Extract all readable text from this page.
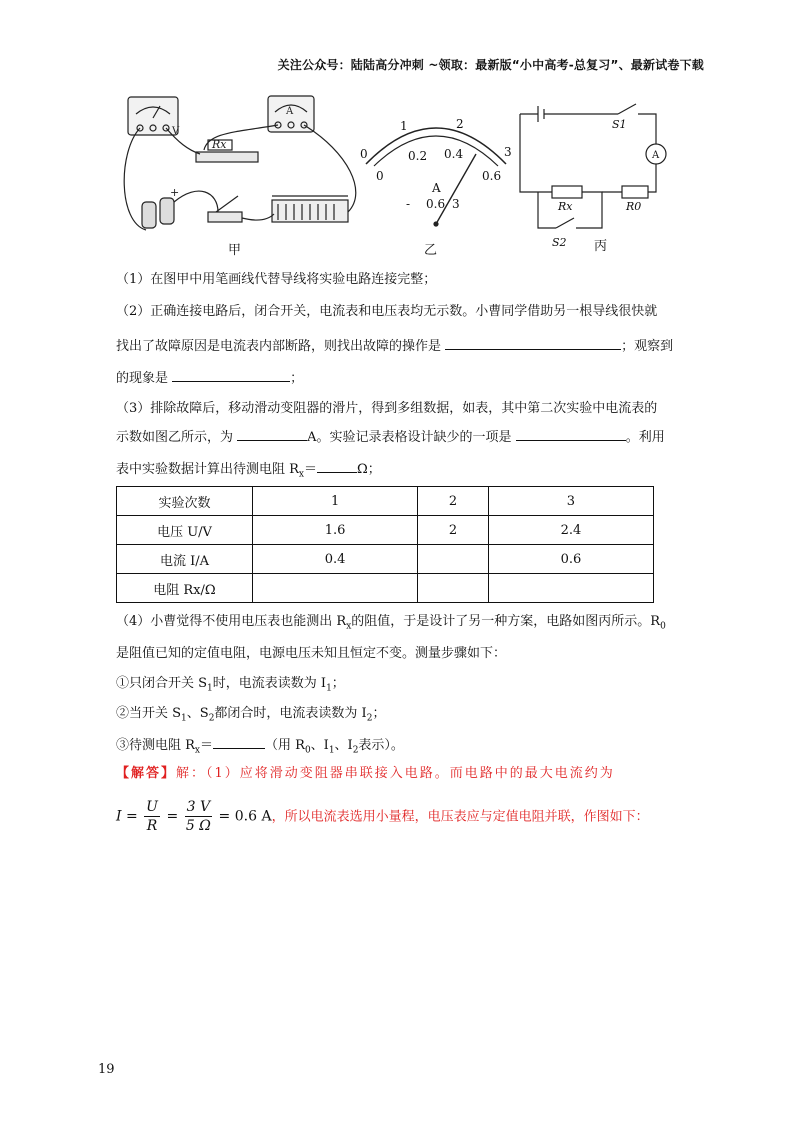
关注公众号：陆陆高分冲刺 ~领取：最新版“小中高考-总复习”、最新试卷下载
V
A
Rx
+
甲
0
1	2
3
0
0.2 0.4
0.6
A
- 0.6 3
乙
S1
A
Rx	R0
S2 丙
（1）在图甲中用笔画线代替导线将实验电路连接完整；
（2）正确连接电路后，闭合开关，电流表和电压表均无示数。小曹同学借助另一根导线很快就
找出了故障原因是电流表内部断路，则找出故障的操作是	；观察到
的现象是	；
（3）排除故障后，移动滑动变阻器的滑片，得到多组数据，如表，其中第二次实验中电流表的
示数如图乙所示，为	A。实验记录表格设计缺少的一项是	。利用
表中实验数据计算出待测电阻 $R_x=$	Ω；
实验次数	1	2	3
电压 U/V	1.6	2	2.4
电流 I/A	0.4		0.6
电阻 Rx/Ω			
（4）小曹觉得不使用电压表也能测出 $R_x$的阻值，于是设计了另一种方案，电路如图丙所示。$R_0$
是阻值已知的定值电阻，电源电压未知且恒定不变。测量步骤如下：
①只闭合开关 $S_1$时，电流表读数为 $I_1$；
②当开关 $S_1$、$S_2$都闭合时，电流表读数为 $I_2$；
③待测电阻 $R_x=$	（用 $R_0$、$I_1$、$I_2$表示）。
【解答】解：（1）应将滑动变阻器串联接入电路。而电路中的最大电流约为
$I = \frac{U}{R} = \frac{3 V}{5 \Omega} = 0.6$ A，所以电流表选用小量程，电压表应与定值电阻并联，作图如下：
19
